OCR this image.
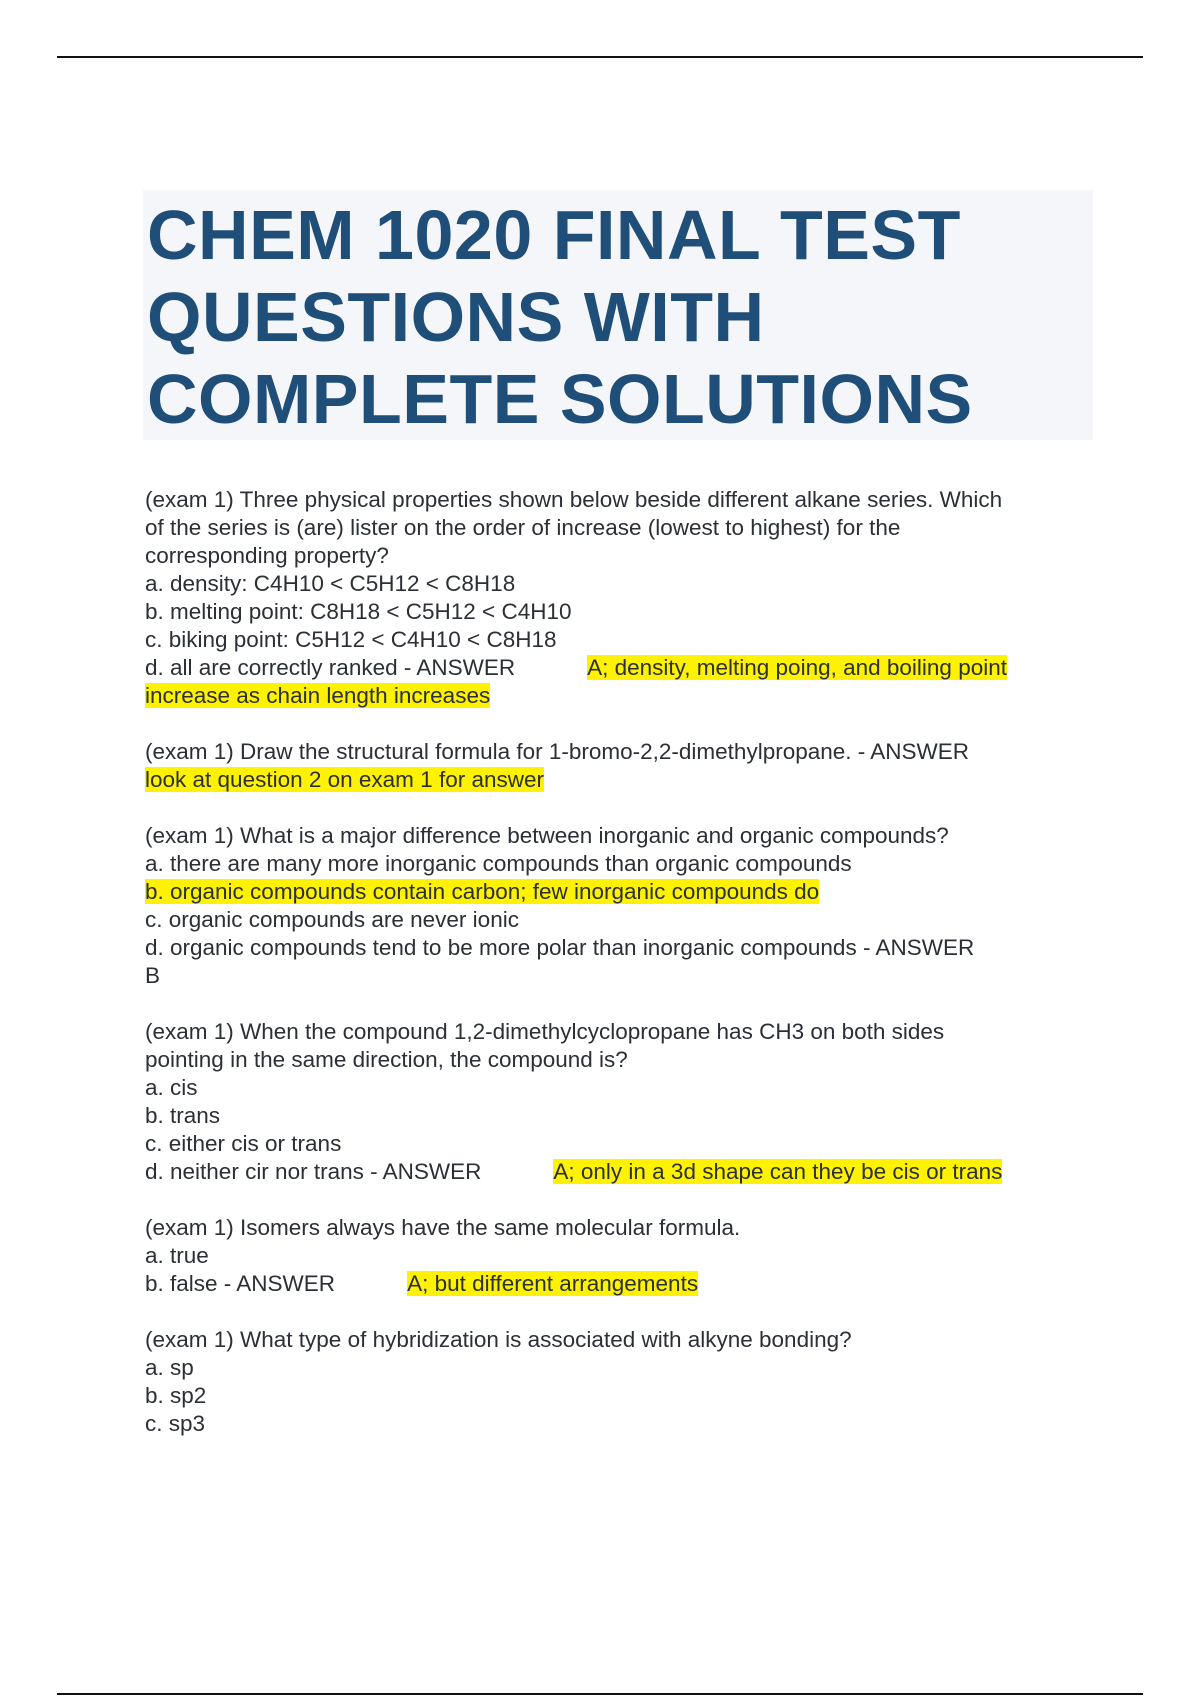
CHEM 1020 FINAL TEST QUESTIONS WITH COMPLETE SOLUTIONS
(exam 1) Three physical properties shown below beside different alkane series. Which
of the series is (are) lister on the order of increase (lowest to highest) for the
corresponding property?
a. density: C4H10 < C5H12 < C8H18
b. melting point: C8H18 < C5H12 < C4H10
c. biking point: C5H12 < C4H10 < C8H18
d. all are correctly ranked - ANSWER	A; density, melting poing, and boiling point
increase as chain length increases
(exam 1) Draw the structural formula for 1-bromo-2,2-dimethylpropane. - ANSWER
look at question 2 on exam 1 for answer
(exam 1) What is a major difference between inorganic and organic compounds?
a. there are many more inorganic compounds than organic compounds
b. organic compounds contain carbon; few inorganic compounds do
c. organic compounds are never ionic
d. organic compounds tend to be more polar than inorganic compounds - ANSWER
B
(exam 1) When the compound 1,2-dimethylcyclopropane has CH3 on both sides
pointing in the same direction, the compound is?
a. cis
b. trans
c. either cis or trans
d. neither cir nor trans - ANSWER	A; only in a 3d shape can they be cis or trans
(exam 1) Isomers always have the same molecular formula.
a. true
b. false - ANSWER	A; but different arrangements
(exam 1) What type of hybridization is associated with alkyne bonding?
a. sp
b. sp2
c. sp3
